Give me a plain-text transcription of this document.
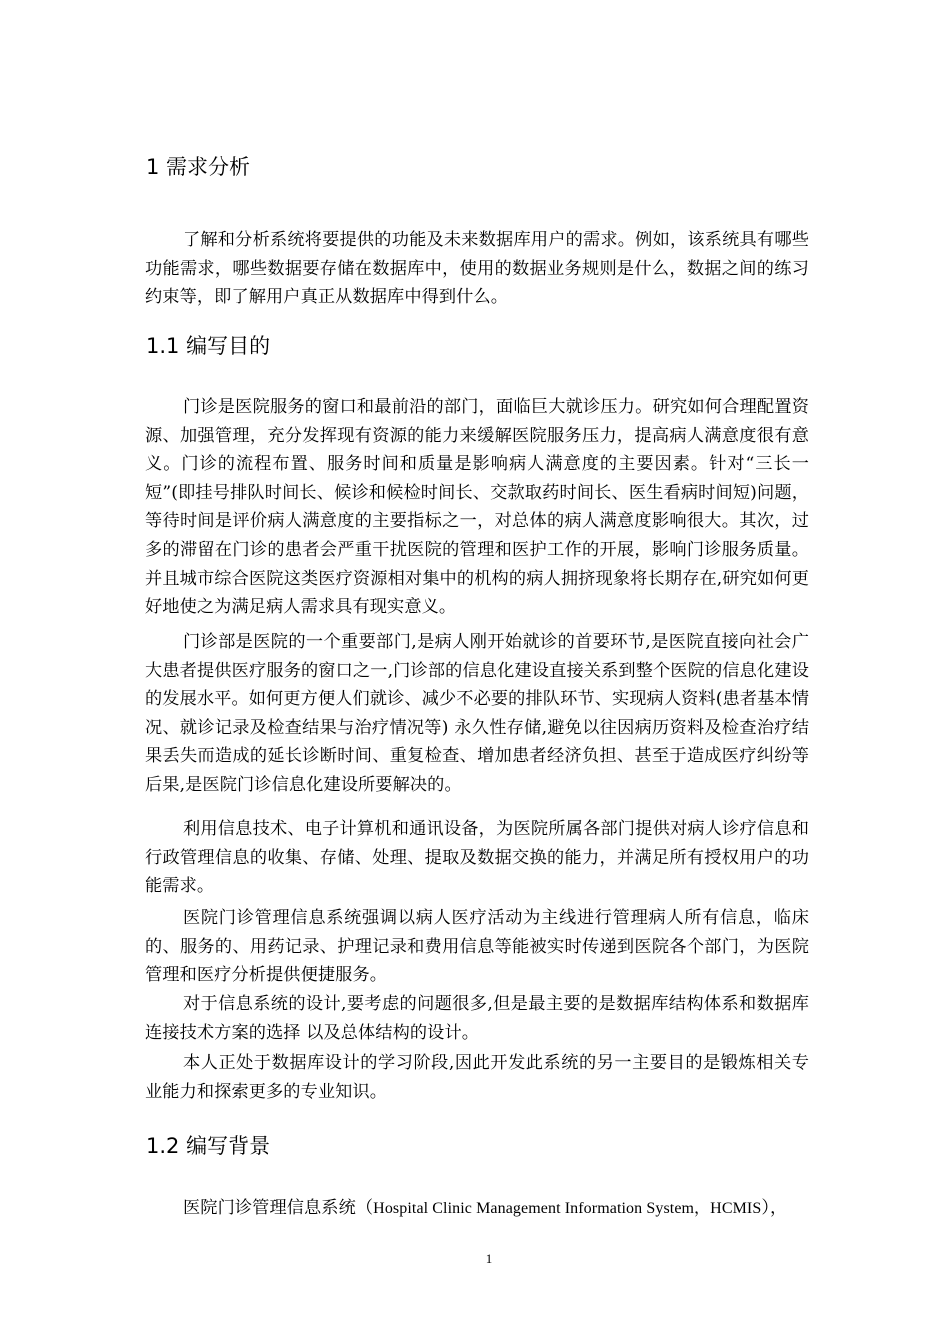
1 需求分析

了解和分析系统将要提供的功能及未来数据库用户的需求。例如，该系统具有哪些功能需求，哪些数据要存储在数据库中，使用的数据业务规则是什么，数据之间的练习约束等，即了解用户真正从数据库中得到什么。

1.1 编写目的

门诊是医院服务的窗口和最前沿的部门，面临巨大就诊压力。研究如何合理配置资源、加强管理，充分发挥现有资源的能力来缓解医院服务压力，提高病人满意度很有意义。门诊的流程布置、服务时间和质量是影响病人满意度的主要因素。针对“三长一短”(即挂号排队时间长、候诊和候检时间长、交款取药时间长、医生看病时间短)问题，等待时间是评价病人满意度的主要指标之一，对总体的病人满意度影响很大。其次，过多的滞留在门诊的患者会严重干扰医院的管理和医护工作的开展，影响门诊服务质量。并且城市综合医院这类医疗资源相对集中的机构的病人拥挤现象将长期存在,研究如何更好地使之为满足病人需求具有现实意义。

门诊部是医院的一个重要部门,是病人刚开始就诊的首要环节,是医院直接向社会广大患者提供医疗服务的窗口之一,门诊部的信息化建设直接关系到整个医院的信息化建设的发展水平。如何更方便人们就诊、减少不必要的排队环节、实现病人资料(患者基本情况、就诊记录及检查结果与治疗情况等) 永久性存储,避免以往因病历资料及检查治疗结果丢失而造成的延长诊断时间、重复检查、增加患者经济负担、甚至于造成医疗纠纷等后果,是医院门诊信息化建设所要解决的。

利用信息技术、电子计算机和通讯设备，为医院所属各部门提供对病人诊疗信息和行政管理信息的收集、存储、处理、提取及数据交换的能力，并满足所有授权用户的功能需求。

医院门诊管理信息系统强调以病人医疗活动为主线进行管理病人所有信息，临床的、服务的、用药记录、护理记录和费用信息等能被实时传递到医院各个部门，为医院管理和医疗分析提供便捷服务。

对于信息系统的设计,要考虑的问题很多,但是最主要的是数据库结构体系和数据库连接技术方案的选择 以及总体结构的设计。

本人正处于数据库设计的学习阶段,因此开发此系统的另一主要目的是锻炼相关专业能力和探索更多的专业知识。

1.2 编写背景

医院门诊管理信息系统（Hospital Clinic Management Information System，HCMIS），

1
